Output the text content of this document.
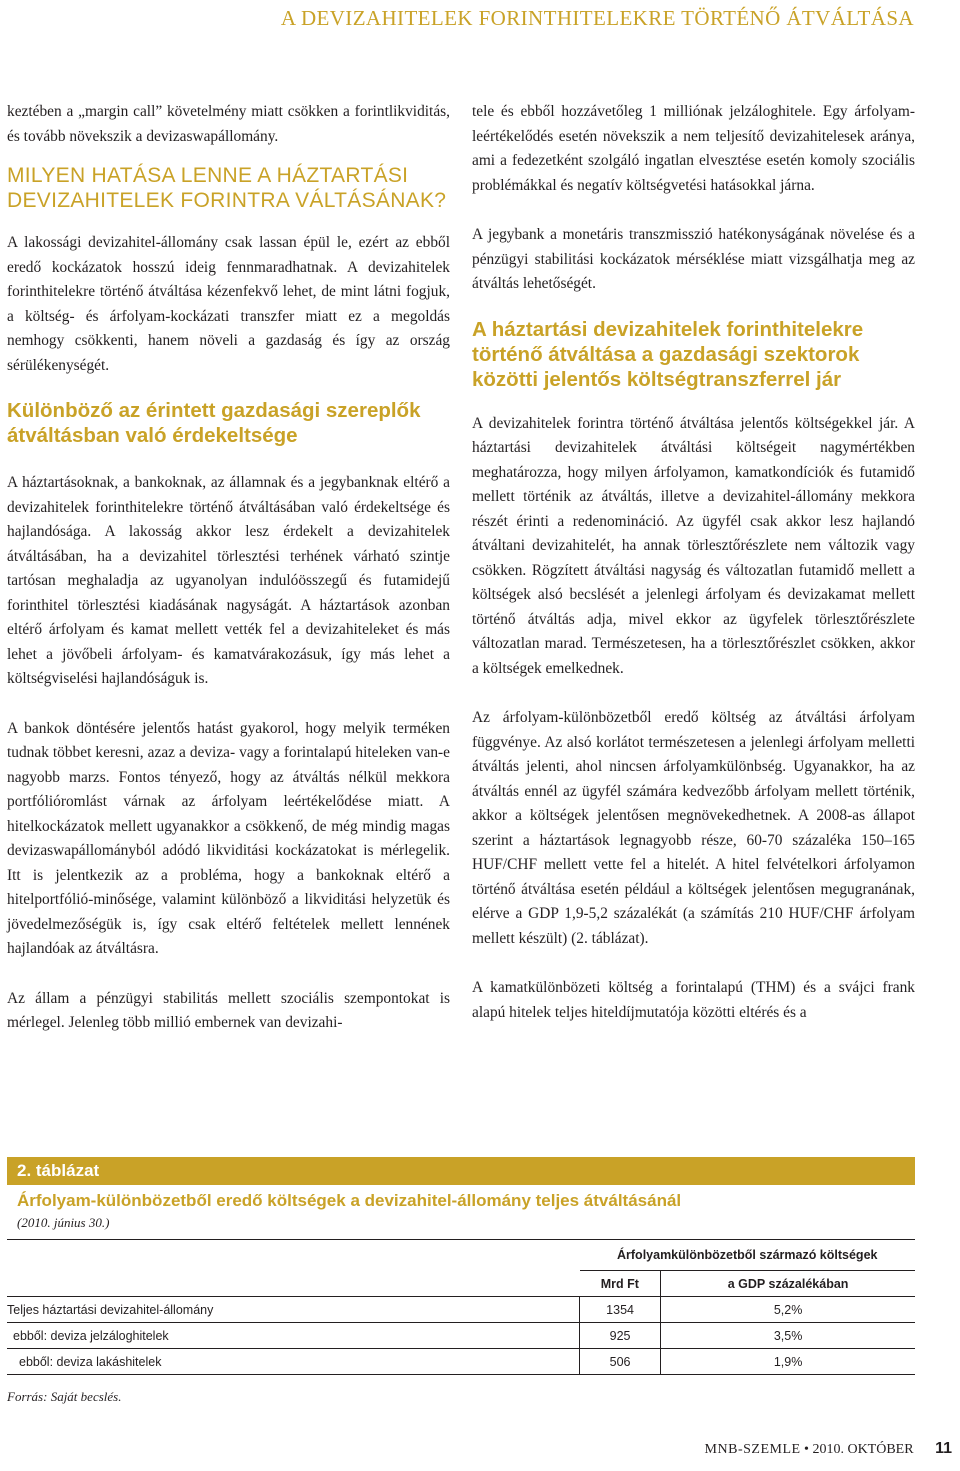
A DEVIZAHITELEK FORINTHITELEKRE TÖRTÉNŐ ÁTVÁLTÁSA

keztében a „margin call” követelmény miatt csökken a forintlikviditás, és tovább növekszik a devizaswapállomány.

MILYEN HATÁSA LENNE A HÁZTARTÁSI DEVIZAHITELEK FORINTRA VÁLTÁSÁNAK?

A lakossági devizahitel-állomány csak lassan épül le, ezért az ebből eredő kockázatok hosszú ideig fennmaradhatnak. A devizahitelek forinthitelekre történő átváltása kézenfekvő lehet, de mint látni fogjuk, a költség- és árfolyam-kockázati transzfer miatt ez a megoldás nemhogy csökkenti, hanem növeli a gazdaság és így az ország sérülékenységét.

Különböző az érintett gazdasági szereplők átváltásban való érdekeltsége

A háztartásoknak, a bankoknak, az államnak és a jegybanknak eltérő a devizahitelek forinthitelekre történő átváltásában való érdekeltsége és hajlandósága. A lakosság akkor lesz érdekelt a devizahitelek átváltásában, ha a devizahitel törlesztési terhének várható szintje tartósan meghaladja az ugyanolyan indulóösszegű és futamidejű forinthitel törlesztési kiadásának nagyságát. A háztartások azonban eltérő árfolyam és kamat mellett vették fel a devizahiteleket és más lehet a jövőbeli árfolyam- és kamatvárakozásuk, így más lehet a költségviselési hajlandóságuk is.

A bankok döntésére jelentős hatást gyakorol, hogy melyik terméken tudnak többet keresni, azaz a deviza- vagy a forintalapú hiteleken van-e nagyobb marzs. Fontos tényező, hogy az átváltás nélkül mekkora portfólióromlást várnak az árfolyam leértékelődése miatt. A hitelkockázatok mellett ugyanakkor a csökkenő, de még mindig magas devizaswapállományból adódó likviditási kockázatokat is mérlegelik. Itt is jelentkezik az a probléma, hogy a bankoknak eltérő a hitelportfólió-minősége, valamint különböző a likviditási helyzetük és jövedelmezőségük is, így csak eltérő feltételek mellett lennének hajlandóak az átváltásra.

Az állam a pénzügyi stabilitás mellett szociális szempontokat is mérlegel. Jelenleg több millió embernek van devizahi-

tele és ebből hozzávetőleg 1 milliónak jelzáloghitele. Egy árfolyam-leértékelődés esetén növekszik a nem teljesítő devizahitelesek aránya, ami a fedezetként szolgáló ingatlan elvesztése esetén komoly szociális problémákkal és negatív költségvetési hatásokkal járna.

A jegybank a monetáris transzmisszió hatékonyságának növelése és a pénzügyi stabilitási kockázatok mérséklése miatt vizsgálhatja meg az átváltás lehetőségét.

A háztartási devizahitelek forinthitelekre történő átváltása a gazdasági szektorok közötti jelentős költségtranszferrel jár

A devizahitelek forintra történő átváltása jelentős költségekkel jár. A háztartási devizahitelek átváltási költségeit nagymértékben meghatározza, hogy milyen árfolyamon, kamatkondíciók és futamidő mellett történik az átváltás, illetve a devizahitel-állomány mekkora részét érinti a redenomináció. Az ügyfél csak akkor lesz hajlandó átváltani devizahitelét, ha annak törlesztőrészlete nem változik vagy csökken. Rögzített átváltási nagyság és változatlan futamidő mellett a költségek alsó becslését a jelenlegi árfolyam és devizakamat mellett történő átváltás adja, mivel ekkor az ügyfelek törlesztőrészlete változatlan marad. Természetesen, ha a törlesztőrészlet csökken, akkor a költségek emelkednek.

Az árfolyam-különbözetből eredő költség az átváltási árfolyam függvénye. Az alsó korlátot természetesen a jelenlegi árfolyam melletti átváltás jelenti, ahol nincsen árfolyamkülönbség. Ugyanakkor, ha az átváltás ennél az ügyfél számára kedvezőbb árfolyam mellett történik, akkor a költségek jelentősen megnövekedhetnek. A 2008-as állapot szerint a háztartások legnagyobb része, 60-70 százaléka 150–165 HUF/CHF mellett vette fel a hitelét. A hitel felvételkori árfolyamon történő átváltása esetén például a költségek jelentősen megugranának, elérve a GDP 1,9-5,2 százalékát (a számítás 210 HUF/CHF árfolyam mellett készült) (2. táblázat).

A kamatkülönbözeti költség a forintalapú (THM) és a svájci frank alapú hitelek teljes hiteldíjmutatója közötti eltérés és a

2. táblázat
Árfolyam-különbözetből eredő költségek a devizahitel-állomány teljes átváltásánál
(2010. június 30.)
	Árfolyamkülönbözetből származó költségek	
	Mrd Ft	a GDP százalékában
Teljes háztartási devizahitel-állomány	1354	5,2%
ebből: deviza jelzáloghitelek	925	3,5%
ebből: deviza lakáshitelek	506	1,9%
Forrás: Saját becslés.
MNB-SZEMLE • 2010. OKTÓBER 11
